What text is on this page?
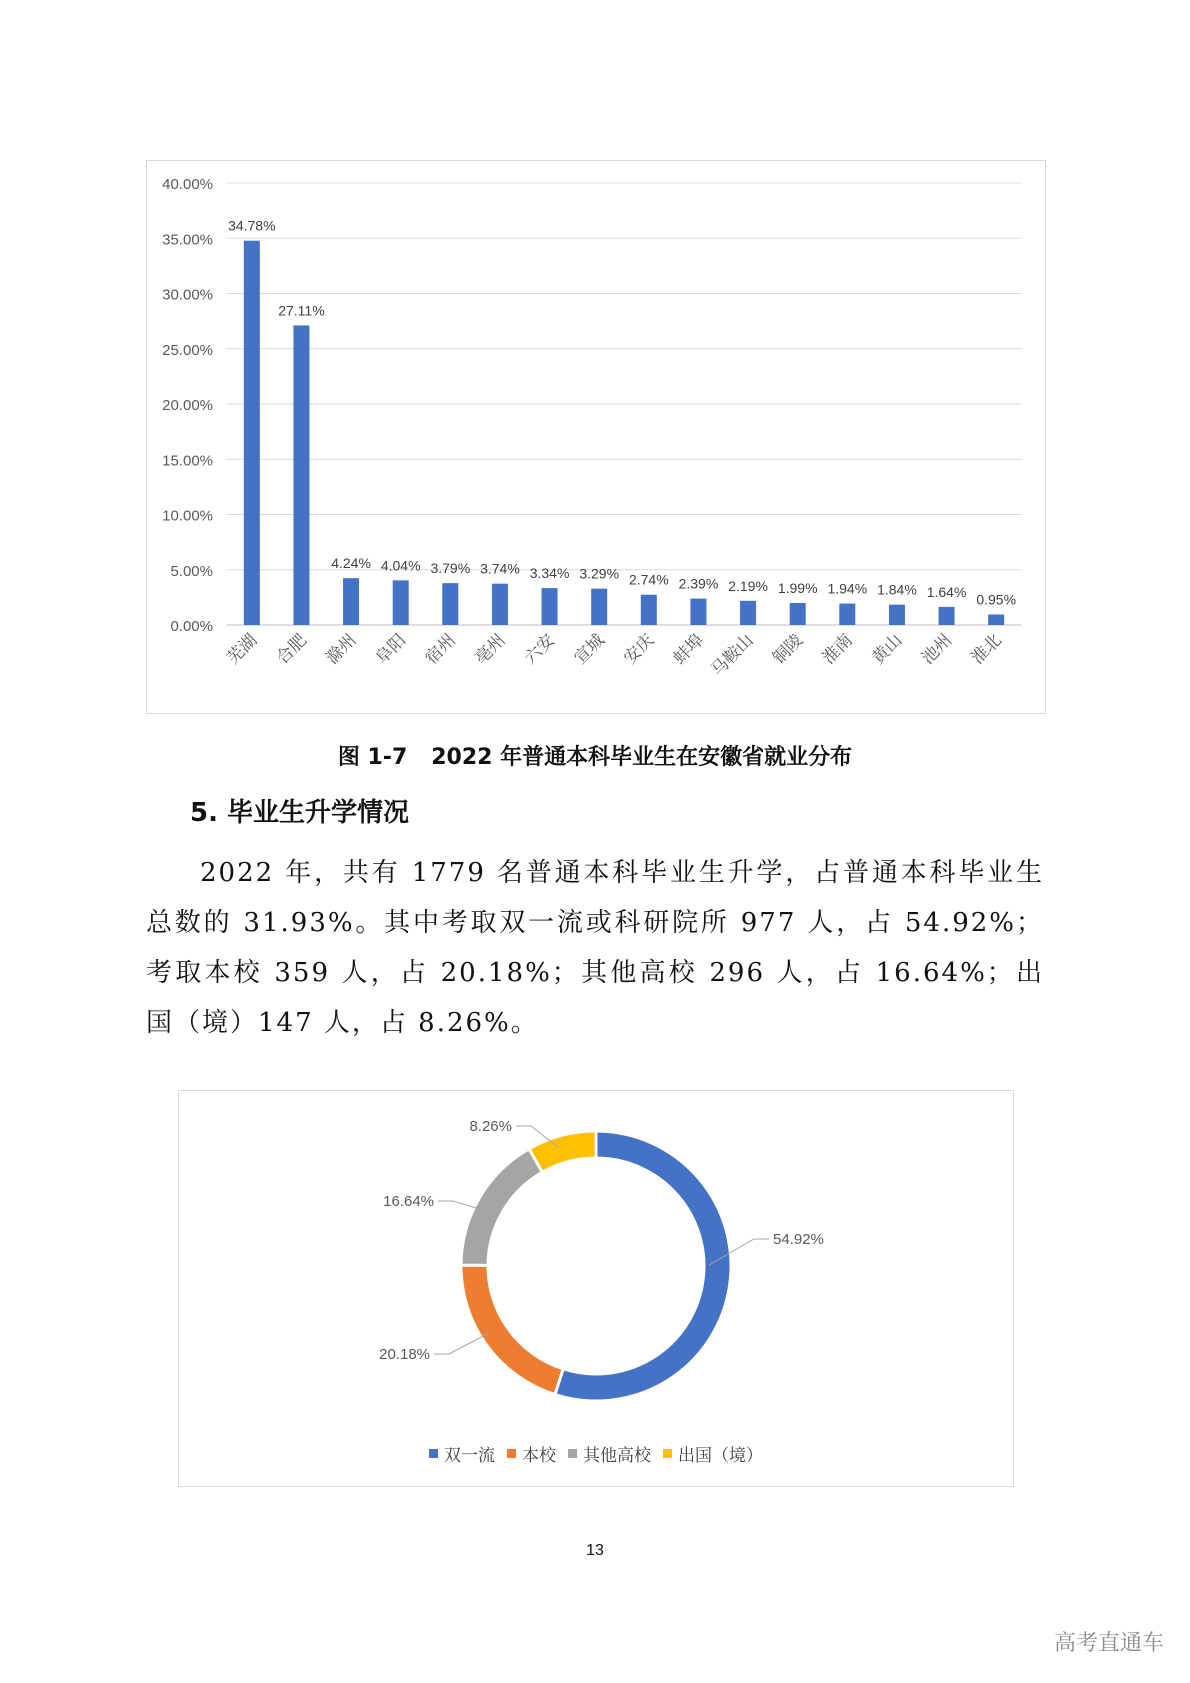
0.00%
5.00%
10.00%
15.00%
20.00%
25.00%
30.00%
35.00%
40.00%
34.78%
芜湖
27.11%
合肥
4.24%
滁州
4.04%
阜阳
3.79%
宿州
3.74%
亳州
3.34%
六安
3.29%
宣城
2.74%
安庆
2.39%
蚌埠
2.19%
马鞍山
1.99%
铜陵
1.94%
淮南
1.84%
黄山
1.64%
池州
0.95%
淮北
图 1-7 2022 年普通本科毕业生在安徽省就业分布
5. 毕业生升学情况

2022 年，共有 1779 名普通本科毕业生升学，占普通本科毕业生总数的 31.93%。其中考取双一流或科研院所 977 人，占 54.92%；考取本校 359 人，占 20.18%；其他高校 296 人，占 16.64%；出国（境）147 人，占 8.26%。

54.92%
20.18%
16.64%
8.26%
双一流 本校 其他高校 出国（境）
13
高考直通车
